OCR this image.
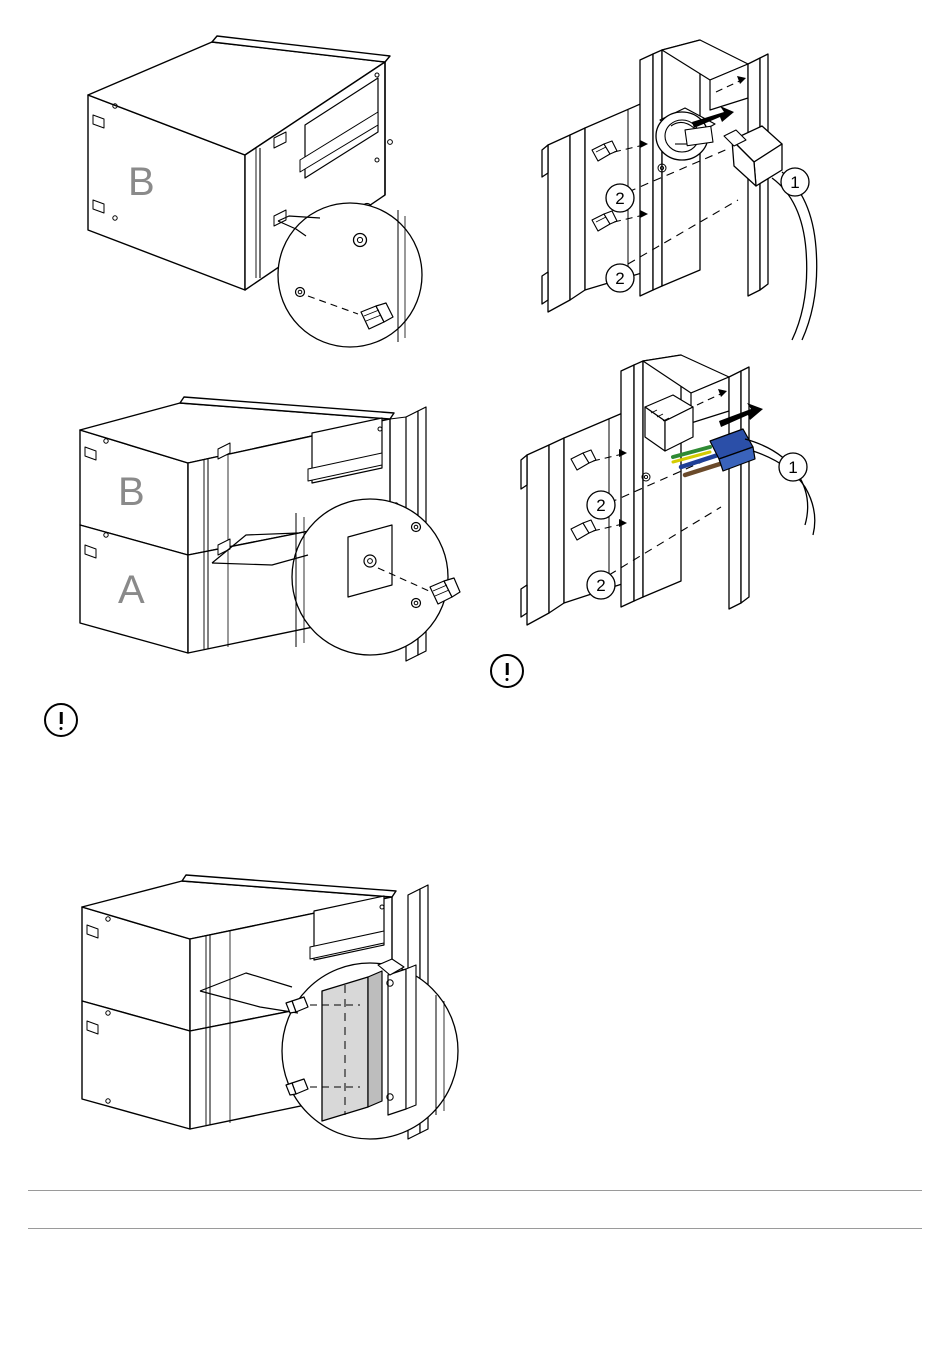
B	1
2
2
B
A
1
2
2
